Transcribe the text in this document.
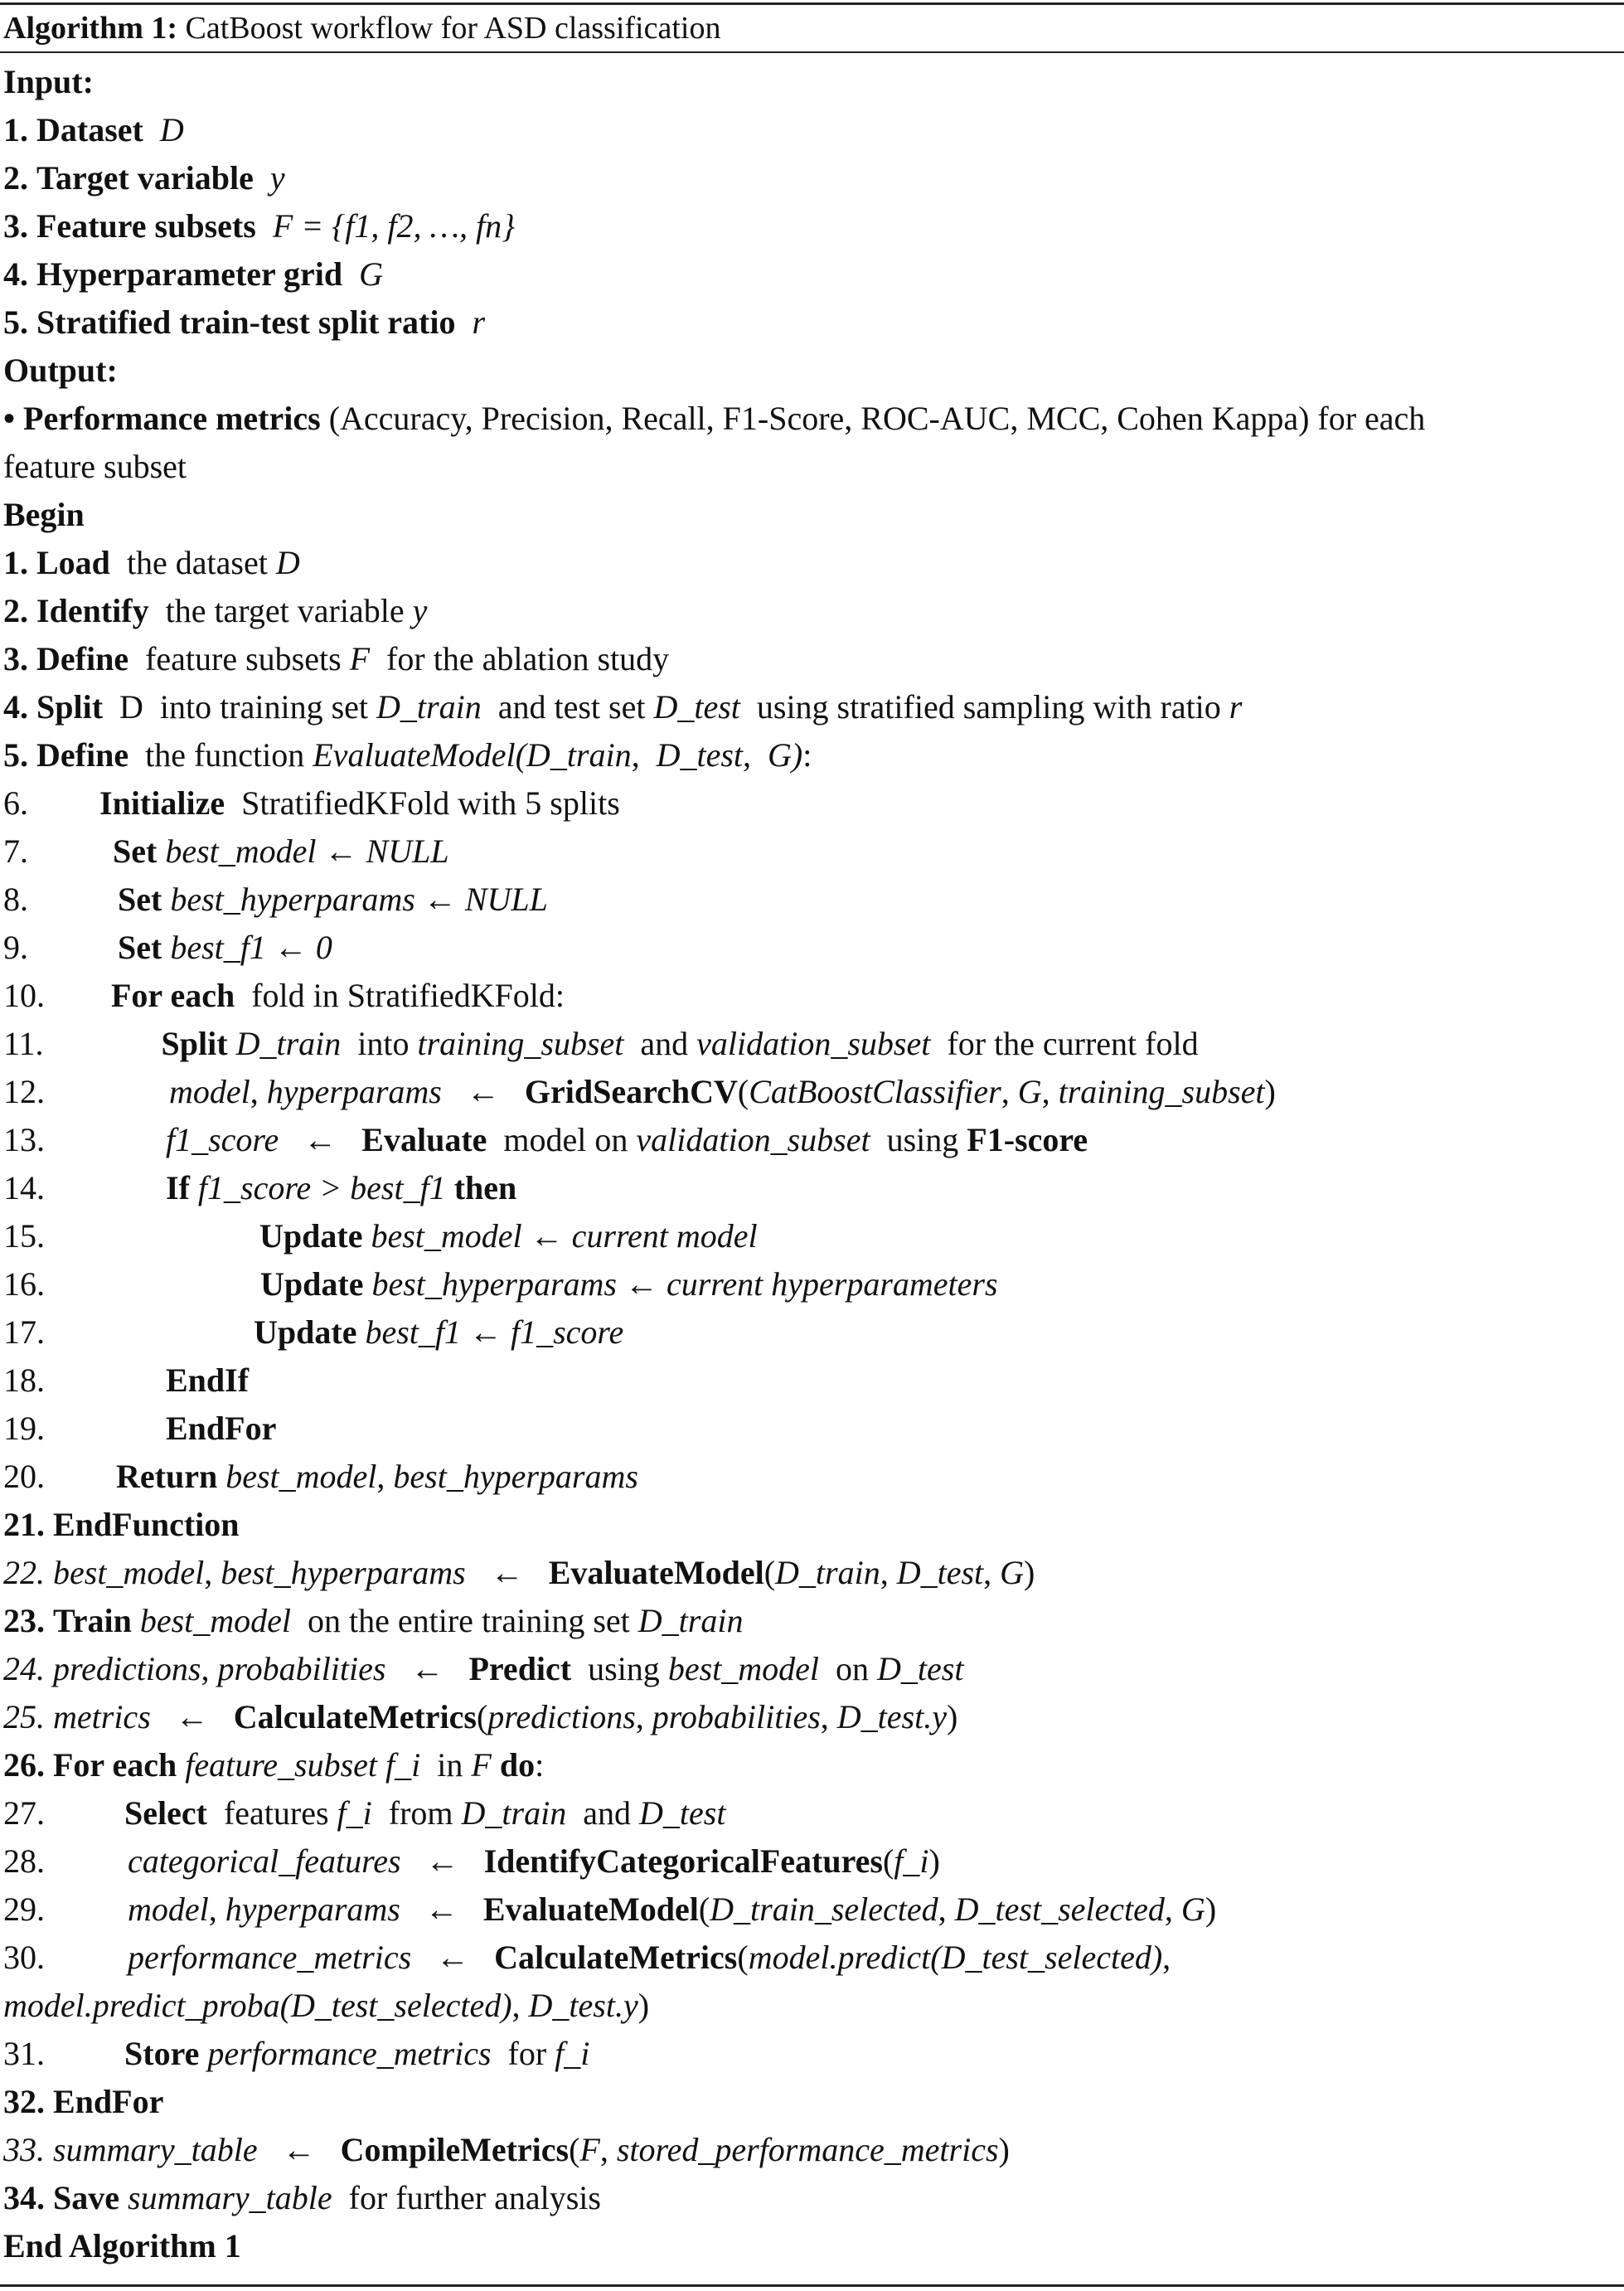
Algorithm 1: CatBoost workflow for ASD classification
Input:
1. Dataset D
2. Target variable y
3. Feature subsets F = {f1, f2, …, fn}
4. Hyperparameter grid G
5. Stratified train-test split ratio r
Output:
• Performance metrics (Accuracy, Precision, Recall, F1-Score, ROC-AUC, MCC, Cohen Kappa) for each
feature subset
Begin
1. Load  the dataset D
2. Identify  the target variable y
3. Define  feature subsets F  for the ablation study
4. Split  D  into training set D_train  and test set D_test  using stratified sampling with ratio r
5. Define  the function EvaluateModel(D_train,  D_test,  G):
6. Initialize  StratifiedKFold with 5 splits
7.	Set best_model ← NULL
8.	Set best_hyperparams ← NULL
9.	Set best_f1 ← 0
10. For each  fold in StratifiedKFold:
11.	Split D_train  into training_subset  and validation_subset  for the current fold
12.	model, hyperparams   ←   GridSearchCV(CatBoostClassifier, G, training_subset)
13.	f1_score   ←   Evaluate  model on validation_subset  using F1-score
14.	If f1_score > best_f1 then
15.	Update best_model ← current model
16.	Update best_hyperparams ← current hyperparameters
17.	Update best_f1 ← f1_score
18.	EndIf
19.	EndFor
20. Return best_model, best_hyperparams
21. EndFunction
22. best_model, best_hyperparams   ←   EvaluateModel(D_train, D_test, G)
23. Train best_model  on the entire training set D_train
24. predictions, probabilities   ←   Predict  using best_model  on D_test
25. metrics   ←   CalculateMetrics(predictions, probabilities, D_test.y)
26. For each feature_subset f_i  in F do:
27. Select  features f_i  from D_train  and D_test
28.	categorical_features   ←   IdentifyCategoricalFeatures(f_i)
29.	model, hyperparams   ←   EvaluateModel(D_train_selected, D_test_selected, G)
30.	performance_metrics   ←   CalculateMetrics(model.predict(D_test_selected),
model.predict_proba(D_test_selected), D_test.y)
31. Store performance_metrics  for f_i
32. EndFor
33. summary_table   ←   CompileMetrics(F, stored_performance_metrics)
34. Save summary_table  for further analysis
End Algorithm 1
